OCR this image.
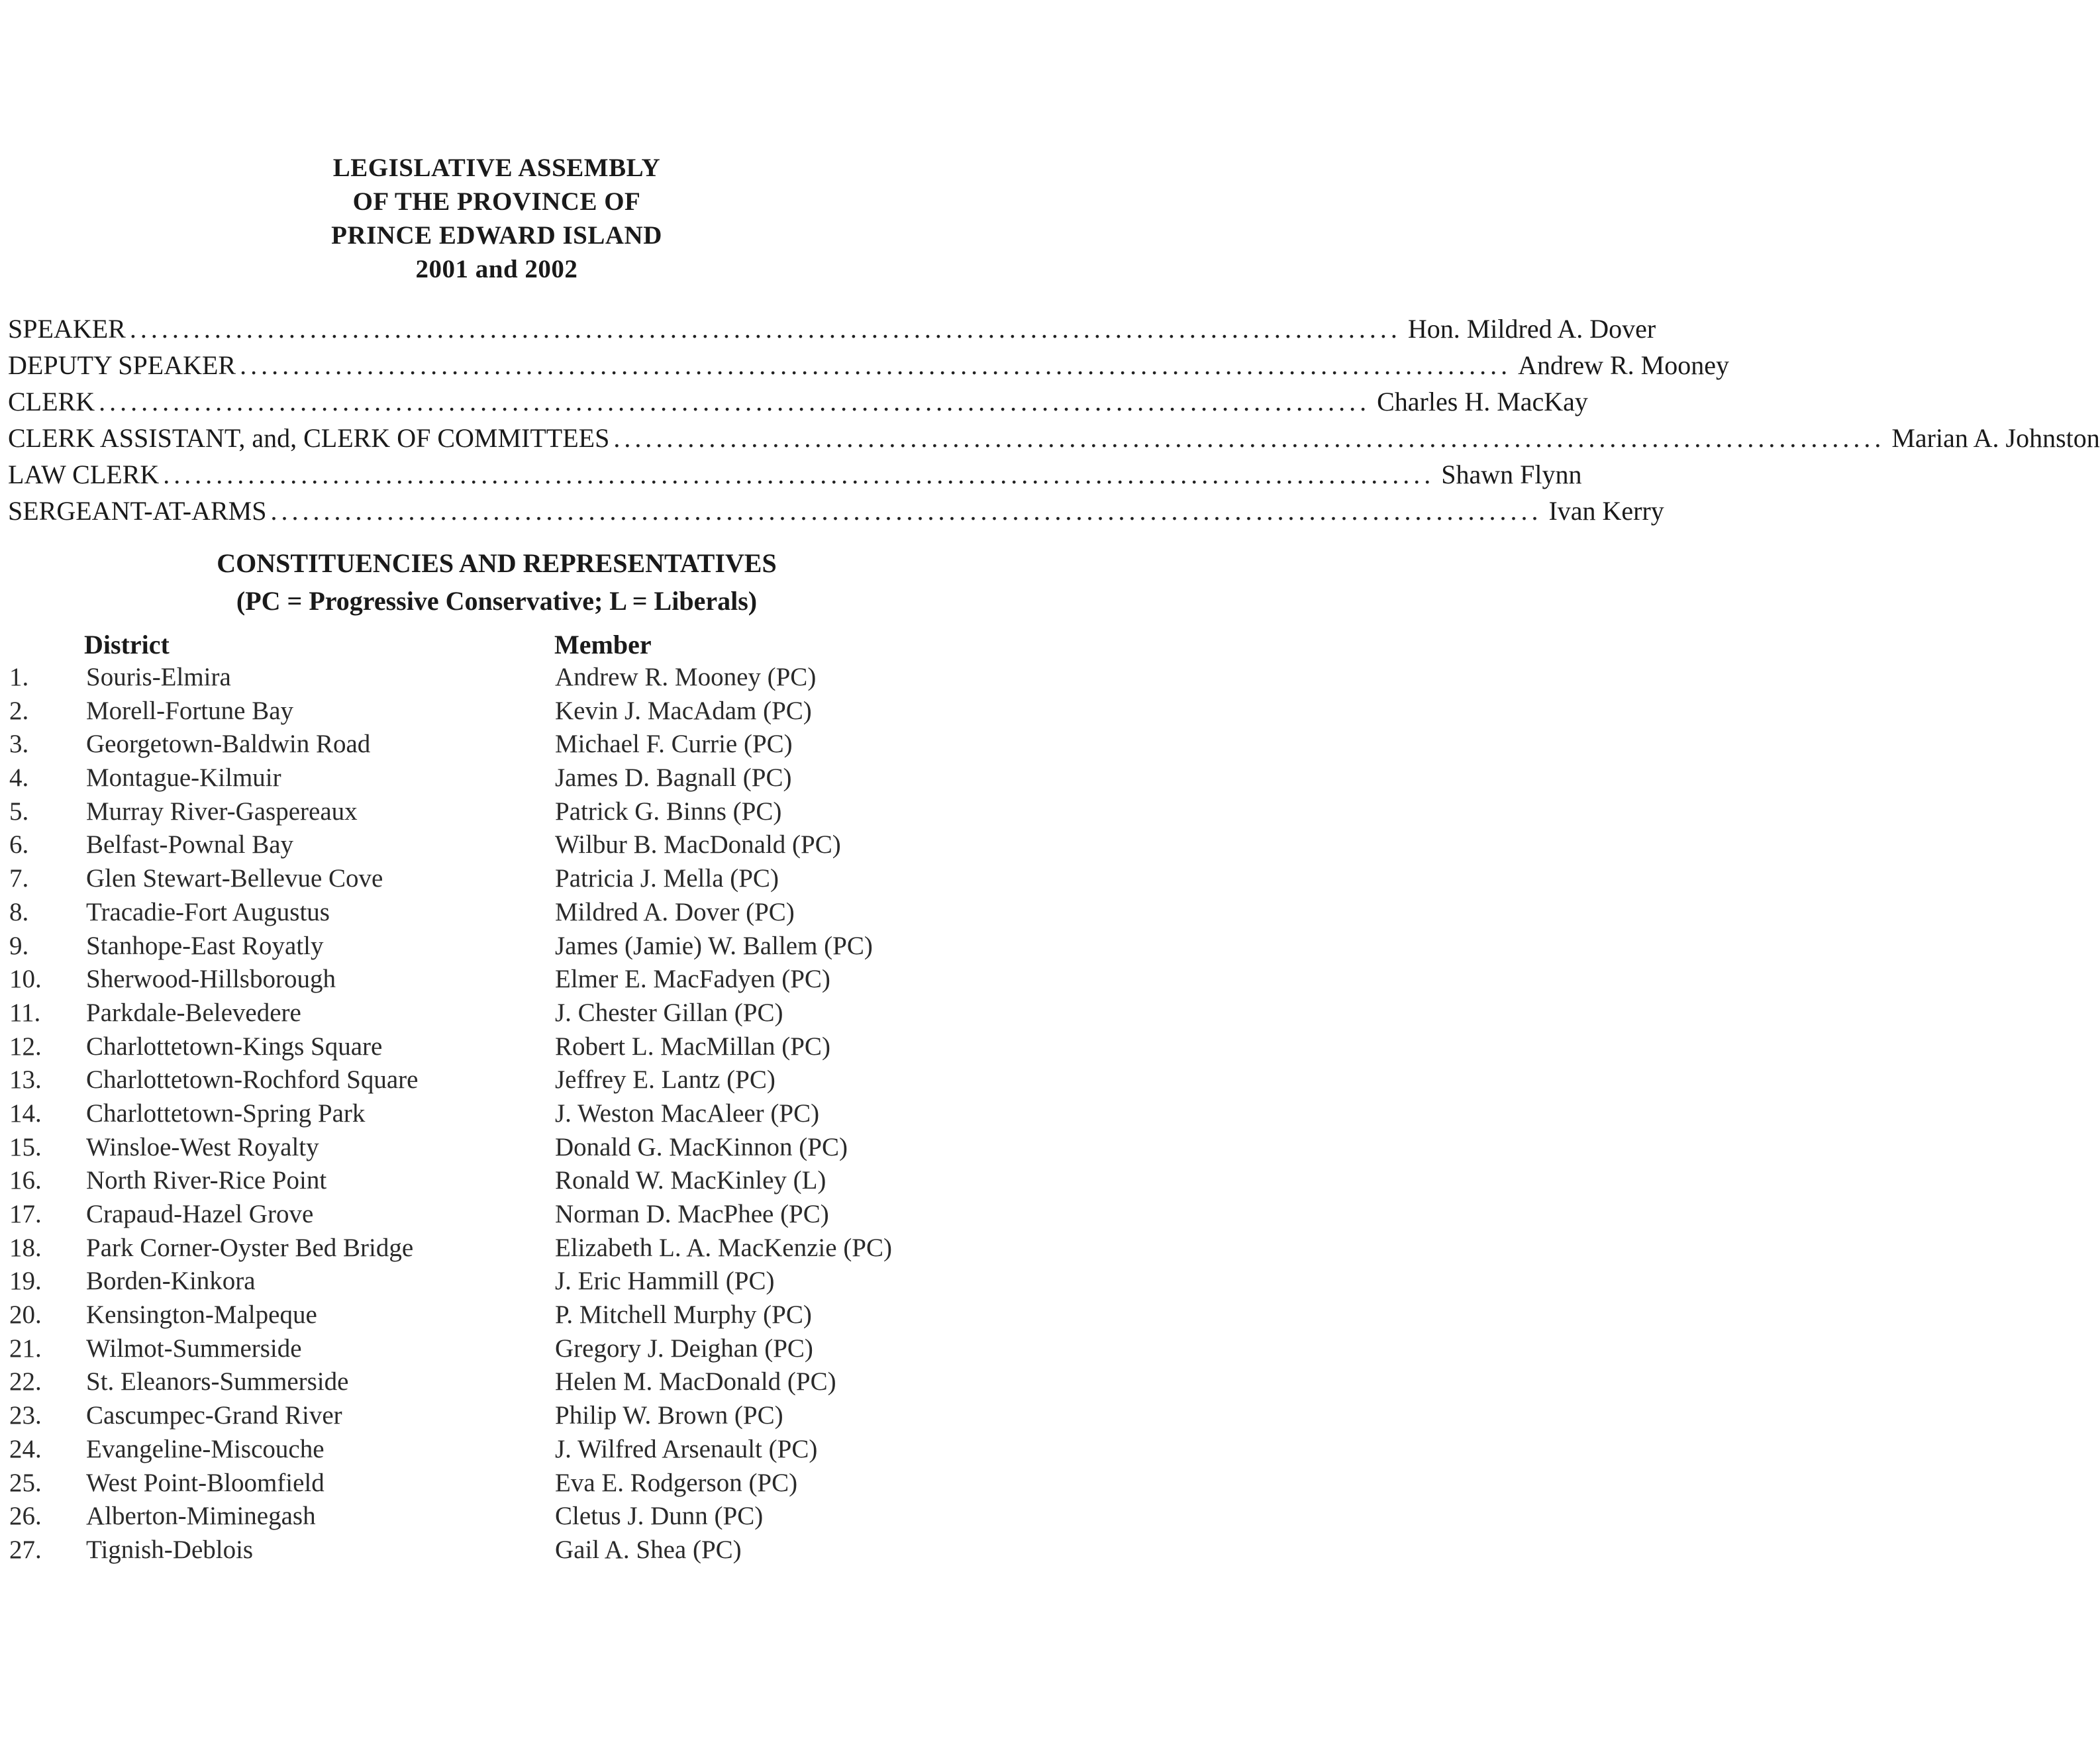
LEGISLATIVE ASSEMBLY
OF THE PROVINCE OF
PRINCE EDWARD ISLAND
2001 and 2002
SPEAKER ........................................................................................................................ Hon. Mildred A. Dover
DEPUTY SPEAKER ........................................................................................................................ Andrew R. Mooney
CLERK ........................................................................................................................ Charles H. MacKay
CLERK ASSISTANT, and, CLERK OF COMMITTEES ........................................................................................................................ Marian A. Johnston
LAW CLERK ........................................................................................................................ Shawn Flynn
SERGEANT-AT-ARMS ........................................................................................................................ Ivan Kerry
CONSTITUENCIES AND REPRESENTATIVES
(PC = Progressive Conservative; L = Liberals)
District	Member
1.	Souris-Elmira	Andrew R. Mooney (PC)
2.	Morell-Fortune Bay	Kevin J. MacAdam (PC)
3.	Georgetown-Baldwin Road	Michael F. Currie (PC)
4.	Montague-Kilmuir	James D. Bagnall (PC)
5.	Murray River-Gaspereaux	Patrick G. Binns (PC)
6.	Belfast-Pownal Bay	Wilbur B. MacDonald (PC)
7.	Glen Stewart-Bellevue Cove	Patricia J. Mella (PC)
8.	Tracadie-Fort Augustus	Mildred A. Dover (PC)
9.	Stanhope-East Royatly	James (Jamie) W. Ballem (PC)
10. Sherwood-Hillsborough	Elmer E. MacFadyen (PC)
11.	Parkdale-Belevedere	J. Chester Gillan (PC)
12. Charlottetown-Kings Square	Robert L. MacMillan (PC)
13. Charlottetown-Rochford Square	Jeffrey E. Lantz (PC)
14. Charlottetown-Spring Park	J. Weston MacAleer (PC)
15. Winsloe-West Royalty	Donald G. MacKinnon (PC)
16. North River-Rice Point	Ronald W. MacKinley (L)
17. Crapaud-Hazel Grove	Norman D. MacPhee (PC)
18. Park Corner-Oyster Bed Bridge	Elizabeth L. A. MacKenzie (PC)
19. Borden-Kinkora	J. Eric Hammill (PC)
20. Kensington-Malpeque	P. Mitchell Murphy (PC)
21. Wilmot-Summerside	Gregory J. Deighan (PC)
22. St. Eleanors-Summerside	Helen M. MacDonald (PC)
23. Cascumpec-Grand River	Philip W. Brown (PC)
24. Evangeline-Miscouche	J. Wilfred Arsenault (PC)
25. West Point-Bloomfield	Eva E. Rodgerson (PC)
26. Alberton-Miminegash	Cletus J. Dunn (PC)
27. Tignish-Deblois	Gail A. Shea (PC)
